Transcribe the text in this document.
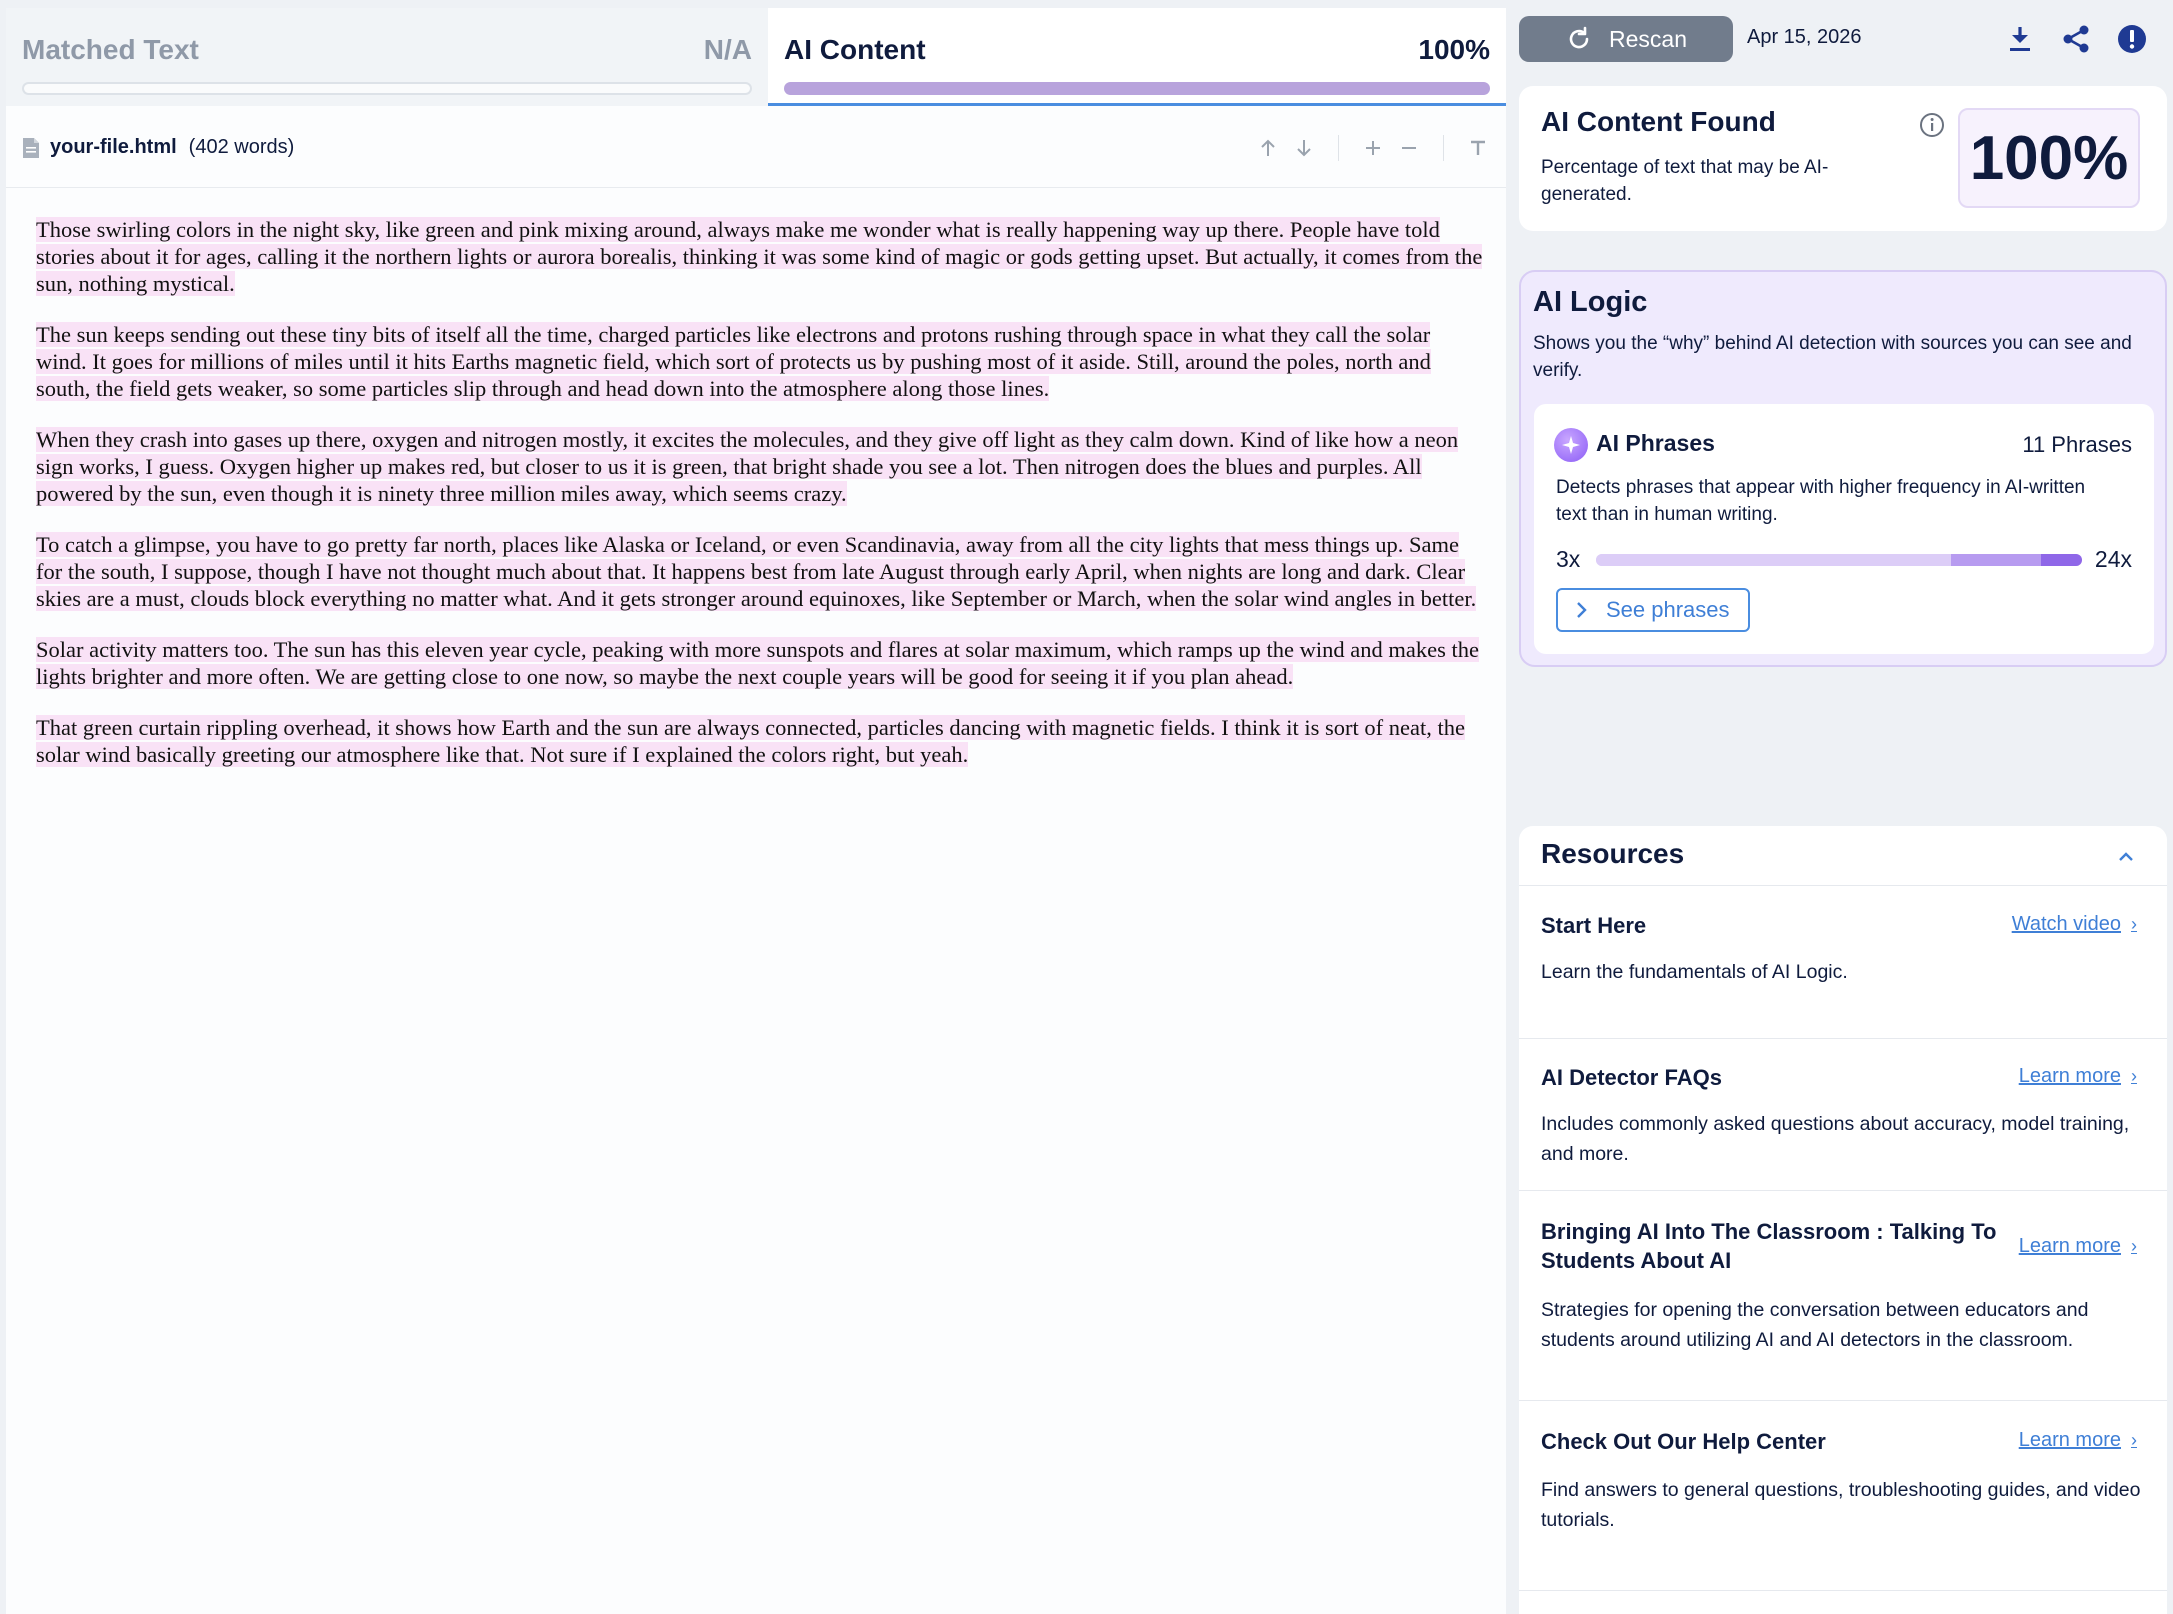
Matched Text	N/A AI Content	100%
your-file.html (402 words)

Those swirling colors in the night sky, like green and pink mixing around, always make me wonder what is really happening way up there. People have told stories about it for ages, calling it the northern lights or aurora borealis, thinking it was some kind of magic or gods getting upset. But actually, it comes from the sun, nothing mystical.

The sun keeps sending out these tiny bits of itself all the time, charged particles like electrons and protons rushing through space in what they call the solar wind. It goes for millions of miles until it hits Earths magnetic field, which sort of protects us by pushing most of it aside. Still, around the poles, north and south, the field gets weaker, so some particles slip through and head down into the atmosphere along those lines.

When they crash into gases up there, oxygen and nitrogen mostly, it excites the molecules, and they give off light as they calm down. Kind of like how a neon sign works, I guess. Oxygen higher up makes red, but closer to us it is green, that bright shade you see a lot. Then nitrogen does the blues and purples. All powered by the sun, even though it is ninety three million miles away, which seems crazy.

To catch a glimpse, you have to go pretty far north, places like Alaska or Iceland, or even Scandinavia, away from all the city lights that mess things up. Same for the south, I suppose, though I have not thought much about that. It happens best from late August through early April, when nights are long and dark. Clear skies are a must, clouds block everything no matter what. And it gets stronger around equinoxes, like September or March, when the solar wind angles in better.

Solar activity matters too. The sun has this eleven year cycle, peaking with more sunspots and flares at solar maximum, which ramps up the wind and makes the lights brighter and more often. We are getting close to one now, so maybe the next couple years will be good for seeing it if you plan ahead.

That green curtain rippling overhead, it shows how Earth and the sun are always connected, particles dancing with magnetic fields. I think it is sort of neat, the solar wind basically greeting our atmosphere like that. Not sure if I explained the colors right, but yeah.

Rescan	Apr 15, 2026
AI Content Found
Percentage of text that may be AI-generated.
100%
AI Logic
Shows you the “why” behind AI detection with sources you can see and verify.
AI Phrases	11 Phrases
Detects phrases that appear with higher frequency in AI-written text than in human writing.
3x	24x
See phrases
Resources
Start Here	Watch video ›
Learn the fundamentals of AI Logic.
AI Detector FAQs	Learn more ›
Includes commonly asked questions about accuracy, model training, and more.
Bringing AI Into The Classroom : Talking To Students About AI
Learn more ›
Strategies for opening the conversation between educators and students around utilizing AI and AI detectors in the classroom.
Check Out Our Help Center	Learn more ›
Find answers to general questions, troubleshooting guides, and video tutorials.
